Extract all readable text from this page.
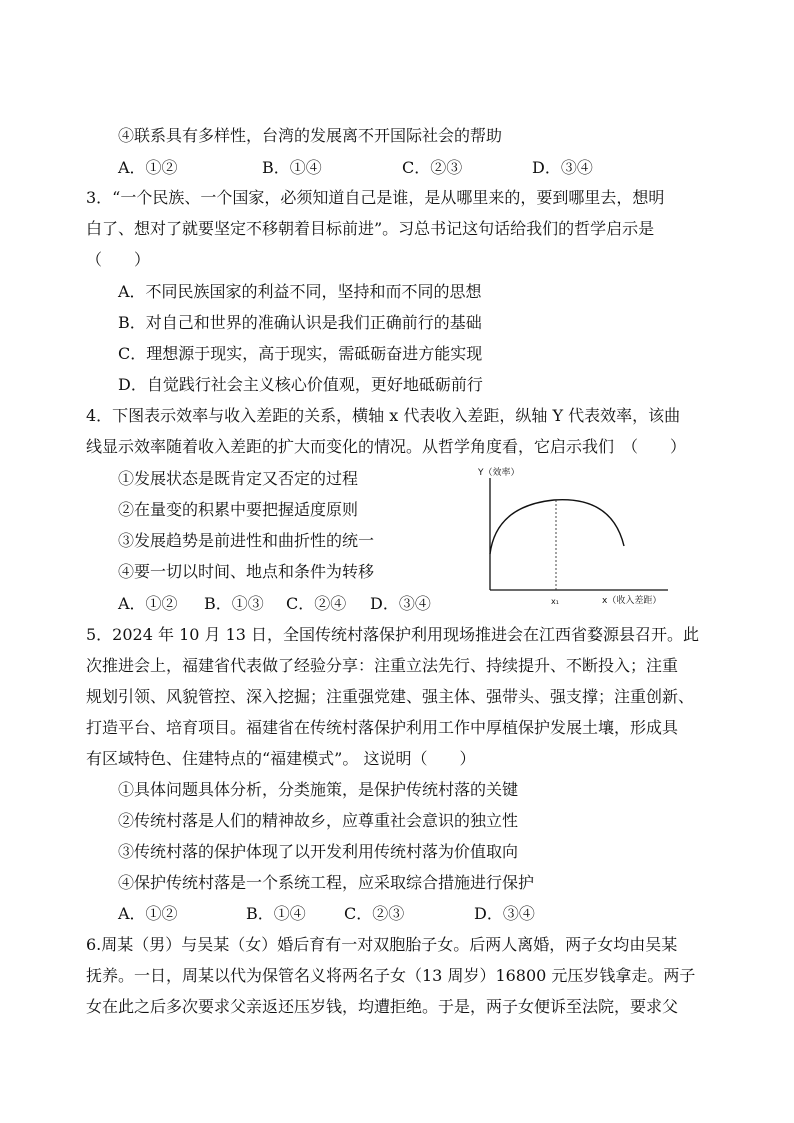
④联系具有多样性，台湾的发展离不开国际社会的帮助
A．①②	B．①④	C．②③	D．③④
3．“一个民族、一个国家，必须知道自己是谁，是从哪里来的，要到哪里去，想明
白了、想对了就要坚定不移朝着目标前进”。习总书记这句话给我们的哲学启示是
（　　）
A．不同民族国家的利益不同，坚持和而不同的思想
B．对自己和世界的准确认识是我们正确前行的基础
C．理想源于现实，高于现实，需砥砺奋进方能实现
D．自觉践行社会主义核心价值观，更好地砥砺前行
4．下图表示效率与收入差距的关系，横轴 x 代表收入差距，纵轴 Y 代表效率，该曲
线显示效率随着收入差距的扩大而变化的情况。从哲学角度看，它启示我们　（　　）
①发展状态是既肯定又否定的过程
②在量变的积累中要把握适度原则
③发展趋势是前进性和曲折性的统一
④要一切以时间、地点和条件为转移
A．①② B．①③ C．②④ D．③④
Y（效率）
x₁	x（收入差距）
5．2024 年 10 月 13 日，全国传统村落保护利用现场推进会在江西省婺源县召开。此
次推进会上，福建省代表做了经验分享：注重立法先行、持续提升、不断投入；注重
规划引领、风貌管控、深入挖掘；注重强党建、强主体、强带头、强支撑；注重创新、
打造平台、培育项目。福建省在传统村落保护利用工作中厚植保护发展土壤，形成具
有区域特色、住建特点的“福建模式”。 这说明（　　）
①具体问题具体分析，分类施策，是保护传统村落的关键
②传统村落是人们的精神故乡，应尊重社会意识的独立性
③传统村落的保护体现了以开发利用传统村落为价值取向
④保护传统村落是一个系统工程，应采取综合措施进行保护
A．①②	B．①④ C．②③	D．③④
6.周某（男）与吴某（女）婚后育有一对双胞胎子女。后两人离婚，两子女均由吴某
抚养。一日，周某以代为保管名义将两名子女（13 周岁）16800 元压岁钱拿走。两子
女在此之后多次要求父亲返还压岁钱，均遭拒绝。于是，两子女便诉至法院，要求父
